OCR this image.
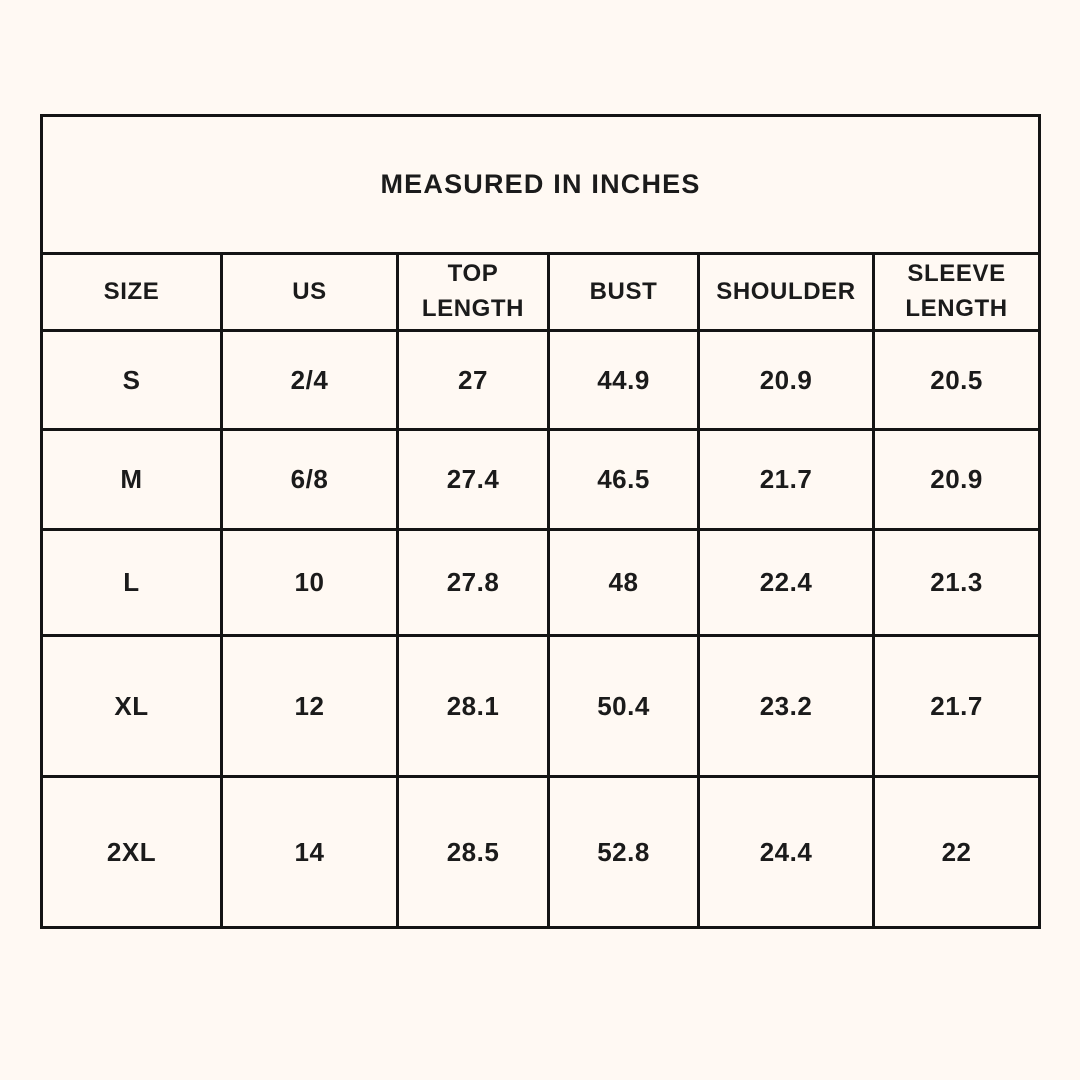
MEASURED IN INCHES					
SIZE	US	TOP LENGTH	BUST	SHOULDER	SLEEVE LENGTH
S	2/4	27	44.9	20.9	20.5
M	6/8	27.4	46.5	21.7	20.9
L	10	27.8	48	22.4	21.3
XL	12	28.1	50.4	23.2	21.7
2XL	14	28.5	52.8	24.4	22
